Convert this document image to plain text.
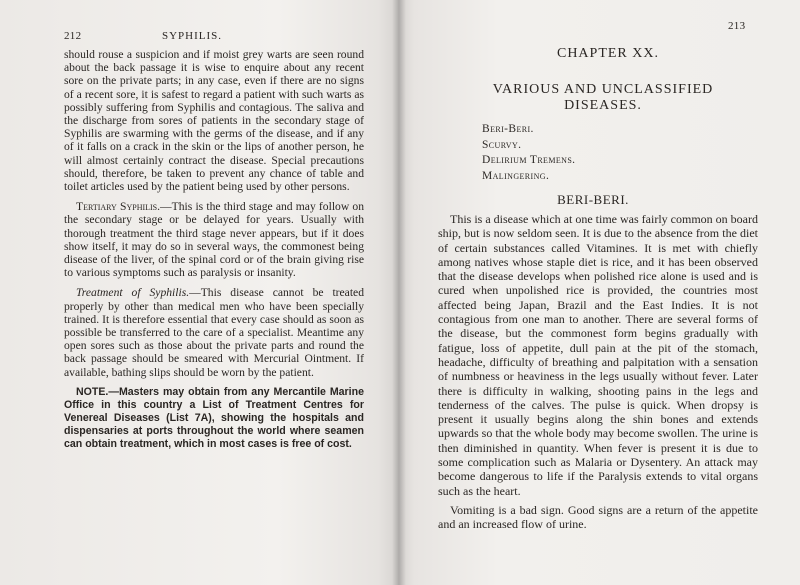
212	SYPHILIS.

should rouse a suspicion and if moist grey warts are seen round about the back passage it is wise to enquire about any recent sore on the private parts; in any case, even if there are no signs of a recent sore, it is safest to regard a patient with such warts as possibly suffering from Syphilis and contagious. The saliva and the discharge from sores of patients in the secondary stage of Syphilis are swarming with the germs of the disease, and if any of it falls on a crack in the skin or the lips of another person, he will almost certainly contract the disease. Special precautions should, therefore, be taken to prevent any chance of table and toilet articles used by the patient being used by other persons.

Tertiary Syphilis.—This is the third stage and may follow on the secondary stage or be delayed for years. Usually with thorough treatment the third stage never appears, but if it does show itself, it may do so in several ways, the commonest being disease of the liver, of the spinal cord or of the brain giving rise to various symptoms such as paralysis or insanity.

Treatment of Syphilis.—This disease cannot be treated properly by other than medical men who have been specially trained. It is therefore essential that every case should as soon as possible be transferred to the care of a specialist. Meantime any open sores such as those about the private parts and round the back passage should be smeared with Mercurial Ointment. If available, bathing slips should be worn by the patient.

NOTE.—Masters may obtain from any Mercantile Marine Office in this country a List of Treatment Centres for Venereal Diseases (List 7A), showing the hospitals and dispensaries at ports throughout the world where seamen can obtain treatment, which in most cases is free of cost.

213
CHAPTER XX.
VARIOUS AND UNCLASSIFIED DISEASES.
Beri-Beri.
Scurvy.
Delirium Tremens.
Malingering.
BERI-BERI.

This is a disease which at one time was fairly common on board ship, but is now seldom seen. It is due to the absence from the diet of certain substances called Vitamines. It is met with chiefly among natives whose staple diet is rice, and it has been observed that the disease develops when polished rice alone is used and is cured when unpolished rice is provided, the countries most affected being Japan, Brazil and the East Indies. It is not contagious from one man to another. There are several forms of the disease, but the commonest form begins gradually with fatigue, loss of appetite, dull pain at the pit of the stomach, headache, difficulty of breathing and palpitation with a sensation of numbness or heaviness in the legs usually without fever. Later there is difficulty in walking, shooting pains in the legs and tenderness of the calves. The pulse is quick. When dropsy is present it usually begins along the shin bones and extends upwards so that the whole body may become swollen. The urine is then diminished in quantity. When fever is present it is due to some complication such as Malaria or Dysentery. An attack may become dangerous to life if the Paralysis extends to vital organs such as the heart.

Vomiting is a bad sign. Good signs are a return of the appetite and an increased flow of urine.
